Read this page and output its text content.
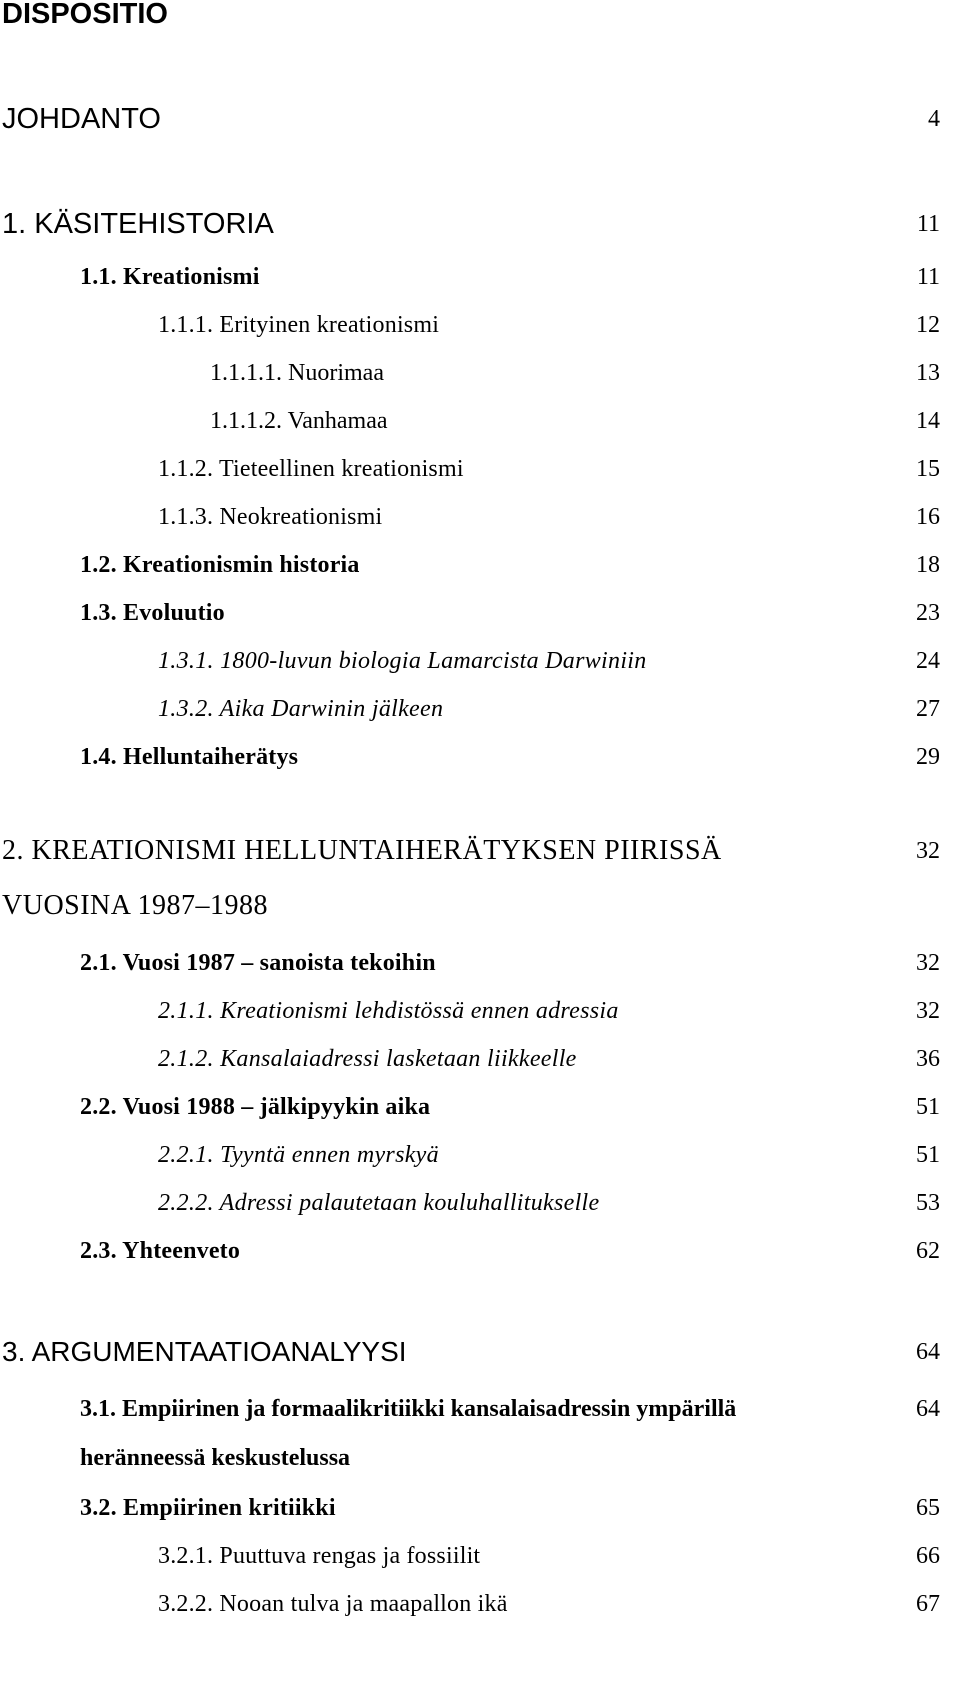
DISPOSITIO
JOHDANTO	4
1. KÄSITEHISTORIA	11
1.1. Kreationismi	11
1.1.1. Erityinen kreationismi	12
1.1.1.1. Nuorimaa	13
1.1.1.2. Vanhamaa	14
1.1.2. Tieteellinen kreationismi	15
1.1.3. Neokreationismi	16
1.2. Kreationismin historia	18
1.3. Evoluutio	23
1.3.1. 1800-luvun biologia Lamarcista Darwiniin	24
1.3.2. Aika Darwinin jälkeen	27
1.4. Helluntaiherätys	29
2. KREATIONISMI HELLUNTAIHERÄTYKSEN PIIRISSÄ	32
VUOSINA 1987–1988
2.1. Vuosi 1987 – sanoista tekoihin	32
2.1.1. Kreationismi lehdistössä ennen adressia	32
2.1.2. Kansalaiadressi lasketaan liikkeelle	36
2.2. Vuosi 1988 – jälkipyykin aika	51
2.2.1. Tyyntä ennen myrskyä	51
2.2.2. Adressi palautetaan kouluhallitukselle	53
2.3. Yhteenveto	62
3. ARGUMENTAATIOANALYYSI	64
3.1. Empiirinen ja formaalikritiikki kansalaisadressin ympärillä	64
heränneessä keskustelussa
3.2. Empiirinen kritiikki	65
3.2.1. Puuttuva rengas ja fossiilit	66
3.2.2. Nooan tulva ja maapallon ikä	67
